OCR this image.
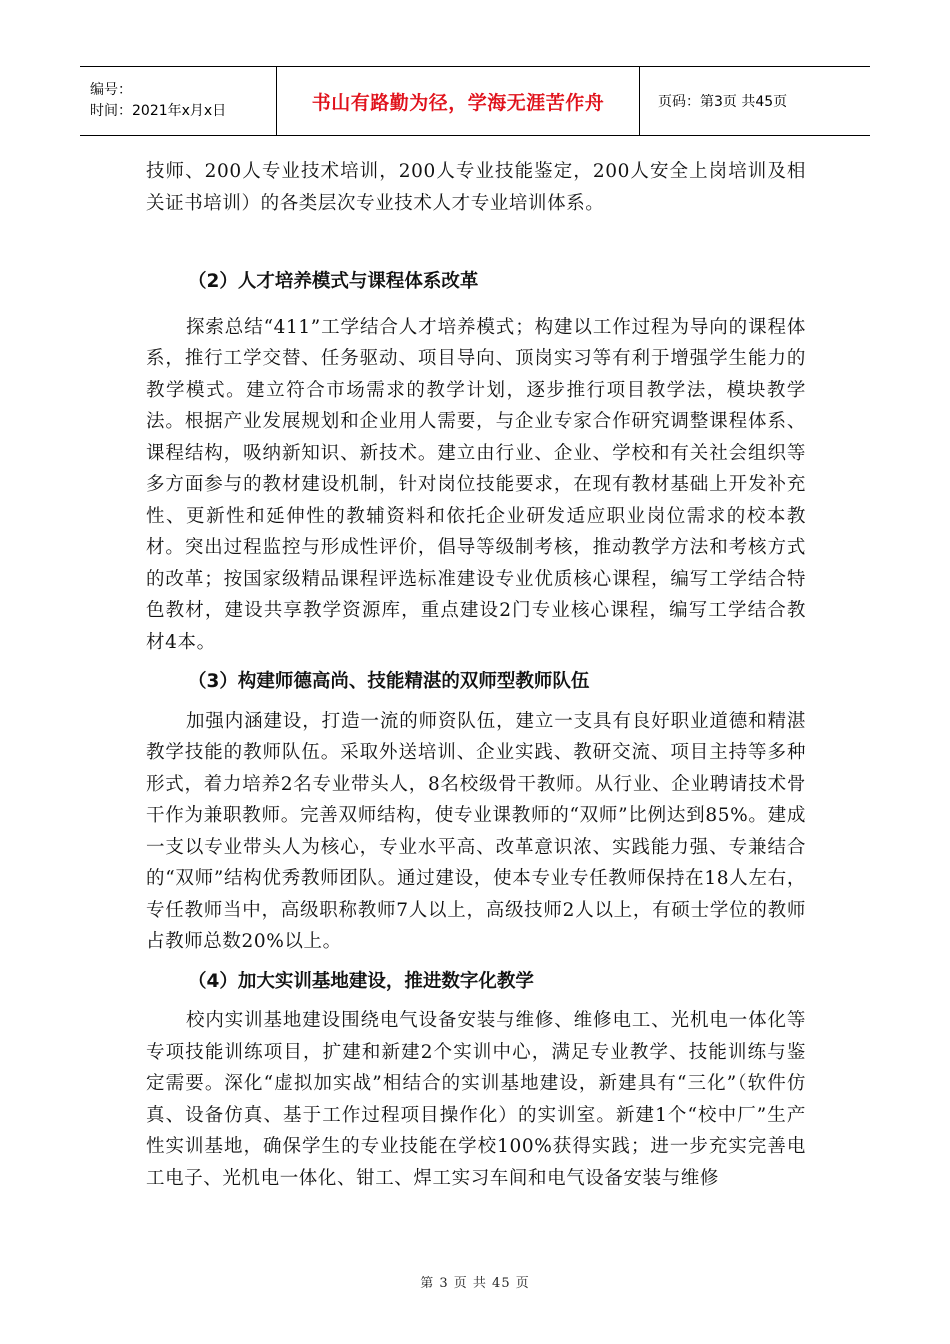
编号：
时间：2021年x月x日	书山有路勤为径，学海无涯苦作舟	页码：第3页 共45页

技师、200人专业技术培训，200人专业技能鉴定，200人安全上岗培训及相关证书培训）的各类层次专业技术人才专业培训体系。

（2）人才培养模式与课程体系改革

探索总结“411”工学结合人才培养模式；构建以工作过程为导向的课程体系，推行工学交替、任务驱动、项目导向、顶岗实习等有利于增强学生能力的教学模式。建立符合市场需求的教学计划，逐步推行项目教学法，模块教学法。根据产业发展规划和企业用人需要，与企业专家合作研究调整课程体系、课程结构，吸纳新知识、新技术。建立由行业、企业、学校和有关社会组织等多方面参与的教材建设机制，针对岗位技能要求，在现有教材基础上开发补充性、更新性和延伸性的教辅资料和依托企业研发适应职业岗位需求的校本教材。突出过程监控与形成性评价，倡导等级制考核，推动教学方法和考核方式的改革；按国家级精品课程评选标准建设专业优质核心课程，编写工学结合特色教材，建设共享教学资源库，重点建设2门专业核心课程，编写工学结合教材4本。

（3）构建师德高尚、技能精湛的双师型教师队伍

加强内涵建设，打造一流的师资队伍，建立一支具有良好职业道德和精湛教学技能的教师队伍。采取外送培训、企业实践、教研交流、项目主持等多种形式，着力培养2名专业带头人，8名校级骨干教师。从行业、企业聘请技术骨干作为兼职教师。完善双师结构，使专业课教师的“双师”比例达到85%。建成一支以专业带头人为核心，专业水平高、改革意识浓、实践能力强、专兼结合的“双师”结构优秀教师团队。通过建设，使本专业专任教师保持在18人左右，专任教师当中，高级职称教师7人以上，高级技师2人以上，有硕士学位的教师占教师总数20%以上。

（4）加大实训基地建设，推进数字化教学

校内实训基地建设围绕电气设备安装与维修、维修电工、光机电一体化等专项技能训练项目，扩建和新建2个实训中心，满足专业教学、技能训练与鉴定需要。深化“虚拟加实战”相结合的实训基地建设，新建具有“三化”（软件仿真、设备仿真、基于工作过程项目操作化）的实训室。新建1个“校中厂”生产性实训基地，确保学生的专业技能在学校100%获得实践；进一步充实完善电工电子、光机电一体化、钳工、焊工实习车间和电气设备安装与维修

第 3 页 共 45 页
